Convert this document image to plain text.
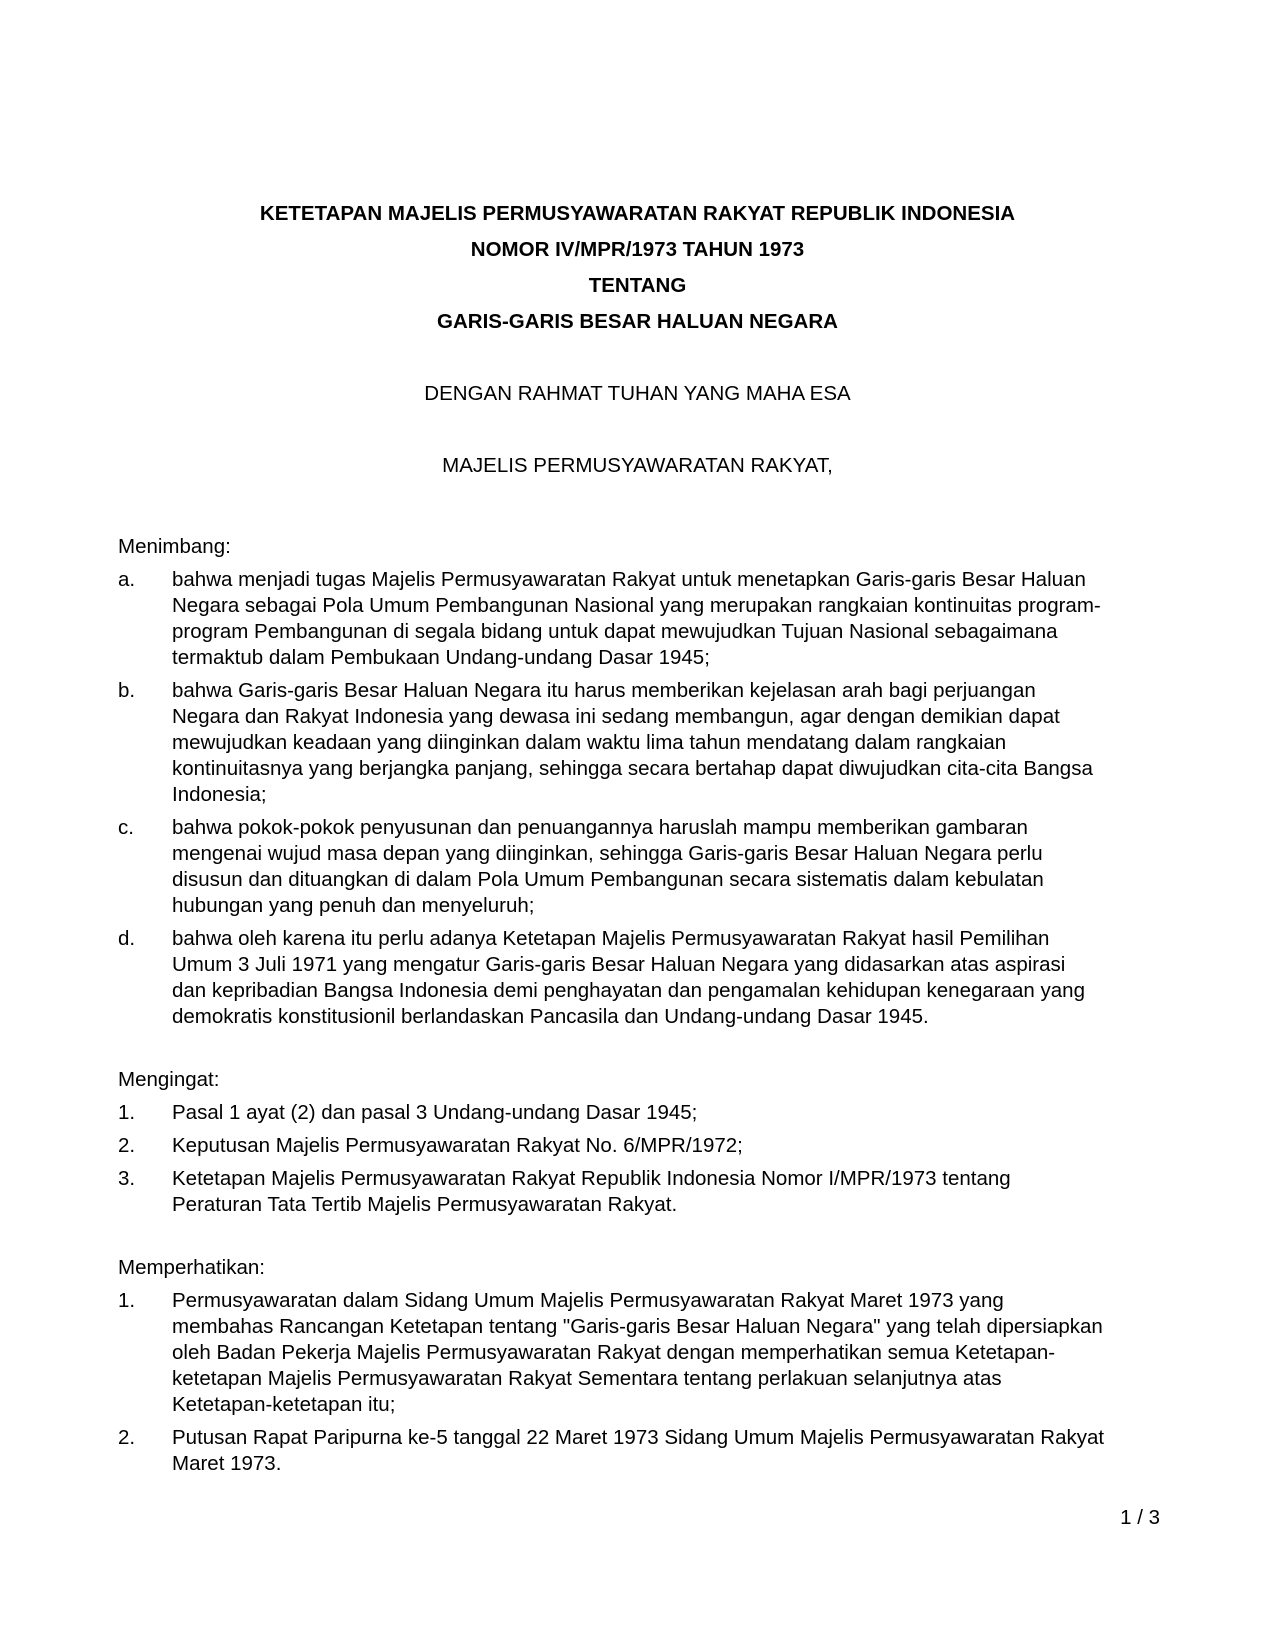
KETETAPAN MAJELIS PERMUSYAWARATAN RAKYAT REPUBLIK INDONESIA
NOMOR IV/MPR/1973 TAHUN 1973
TENTANG
GARIS-GARIS BESAR HALUAN NEGARA
DENGAN RAHMAT TUHAN YANG MAHA ESA
MAJELIS PERMUSYAWARATAN RAKYAT,
Menimbang:
a. bahwa menjadi tugas Majelis Permusyawaratan Rakyat untuk menetapkan Garis-garis Besar Haluan Negara sebagai Pola Umum Pembangunan Nasional yang merupakan rangkaian kontinuitas program-program Pembangunan di segala bidang untuk dapat mewujudkan Tujuan Nasional sebagaimana termaktub dalam Pembukaan Undang-undang Dasar 1945;
b. bahwa Garis-garis Besar Haluan Negara itu harus memberikan kejelasan arah bagi perjuangan Negara dan Rakyat Indonesia yang dewasa ini sedang membangun, agar dengan demikian dapat mewujudkan keadaan yang diinginkan dalam waktu lima tahun mendatang dalam rangkaian kontinuitasnya yang berjangka panjang, sehingga secara bertahap dapat diwujudkan cita-cita Bangsa Indonesia;
c. bahwa pokok-pokok penyusunan dan penuangannya haruslah mampu memberikan gambaran mengenai wujud masa depan yang diinginkan, sehingga Garis-garis Besar Haluan Negara perlu disusun dan dituangkan di dalam Pola Umum Pembangunan secara sistematis dalam kebulatan hubungan yang penuh dan menyeluruh;
d. bahwa oleh karena itu perlu adanya Ketetapan Majelis Permusyawaratan Rakyat hasil Pemilihan Umum 3 Juli 1971 yang mengatur Garis-garis Besar Haluan Negara yang didasarkan atas aspirasi dan kepribadian Bangsa Indonesia demi penghayatan dan pengamalan kehidupan kenegaraan yang demokratis konstitusionil berlandaskan Pancasila dan Undang-undang Dasar 1945.
Mengingat:
1. Pasal 1 ayat (2) dan pasal 3 Undang-undang Dasar 1945;
2. Keputusan Majelis Permusyawaratan Rakyat No. 6/MPR/1972;
3. Ketetapan Majelis Permusyawaratan Rakyat Republik Indonesia Nomor I/MPR/1973 tentang Peraturan Tata Tertib Majelis Permusyawaratan Rakyat.
Memperhatikan:
1. Permusyawaratan dalam Sidang Umum Majelis Permusyawaratan Rakyat Maret 1973 yang membahas Rancangan Ketetapan tentang "Garis-garis Besar Haluan Negara" yang telah dipersiapkan oleh Badan Pekerja Majelis Permusyawaratan Rakyat dengan memperhatikan semua Ketetapan-ketetapan Majelis Permusyawaratan Rakyat Sementara tentang perlakuan selanjutnya atas Ketetapan-ketetapan itu;
2. Putusan Rapat Paripurna ke-5 tanggal 22 Maret 1973 Sidang Umum Majelis Permusyawaratan Rakyat Maret 1973.
1 / 3
